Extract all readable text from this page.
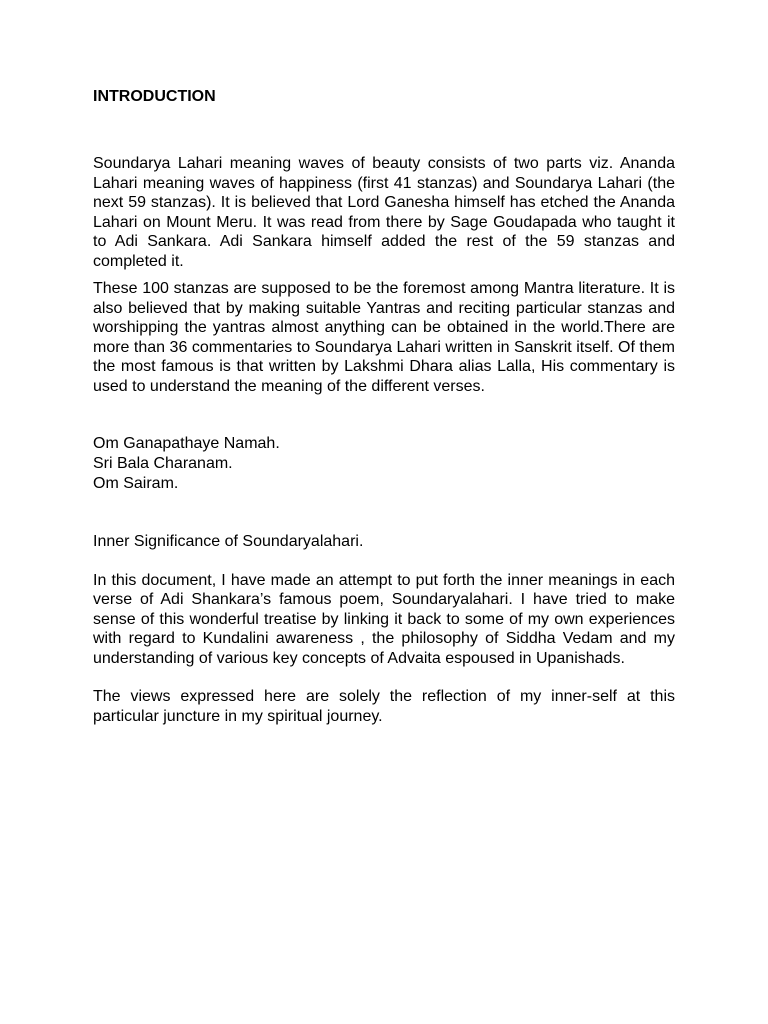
INTRODUCTION

Soundarya Lahari meaning waves of beauty consists of two parts viz. Ananda Lahari meaning waves of happiness (first 41 stanzas) and Soundarya Lahari (the next 59 stanzas). It is believed that Lord Ganesha himself has etched the Ananda Lahari on Mount Meru. It was read from there by Sage Goudapada who taught it to Adi Sankara. Adi Sankara himself added the rest of the 59 stanzas and completed it.

These 100 stanzas are supposed to be the foremost among Mantra literature. It is also believed that by making suitable Yantras and reciting particular stanzas and worshipping the yantras almost anything can be obtained in the world.There are more than 36 commentaries to Soundarya Lahari written in Sanskrit itself. Of them the most famous is that written by Lakshmi Dhara alias Lalla, His commentary is used to understand the meaning of the different verses.

Om Ganapathaye Namah.
Sri Bala Charanam.
Om Sairam.
Inner Significance of Soundaryalahari.

In this document, I have made an attempt to put forth the inner meanings in each verse of Adi Shankara’s famous poem, Soundaryalahari. I have tried to make sense of this wonderful treatise by linking it back to some of my own experiences with regard to Kundalini awareness , the philosophy of Siddha Vedam and my understanding of various key concepts of Advaita espoused in Upanishads.

The views expressed here are solely the reflection of my inner-self at this particular juncture in my spiritual journey.
